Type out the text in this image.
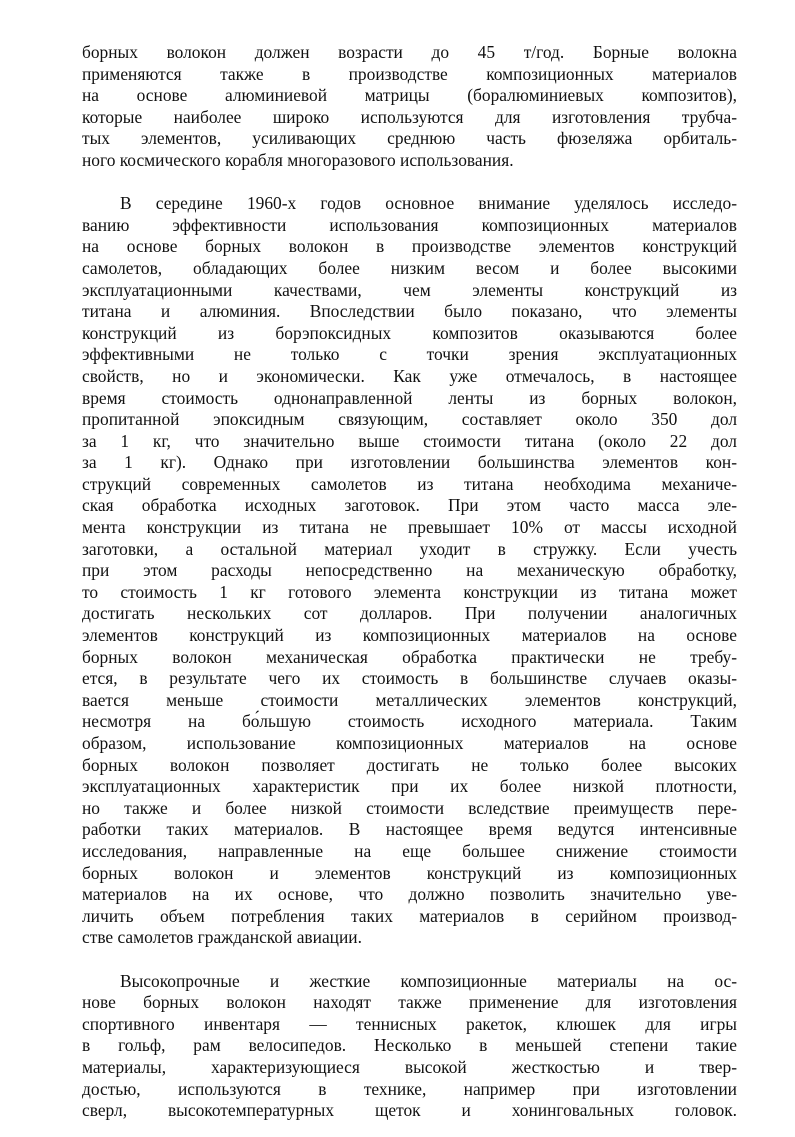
борных волокон должен возрасти до 45 т/год. Борные волокна
применяются также в производстве композиционных материалов
на основе алюминиевой матрицы (боралюминиевых композитов),
которые наиболее широко используются для изготовления трубча-
тых элементов, усиливающих среднюю часть фюзеляжа орбиталь-
ного космического корабля многоразового использования.
В середине 1960-х годов основное внимание уделялось исследо-
ванию эффективности использования композиционных материалов
на основе борных волокон в производстве элементов конструкций
самолетов, обладающих более низким весом и более высокими
эксплуатационными качествами, чем элементы конструкций из
титана и алюминия. Впоследствии было показано, что элементы
конструкций из борэпоксидных композитов оказываются более
эффективными не только с точки зрения эксплуатационных
свойств, но и экономически. Как уже отмечалось, в настоящее
время стоимость однонаправленной ленты из борных волокон,
пропитанной эпоксидным связующим, составляет около 350 дол
за 1 кг, что значительно выше стоимости титана (около 22 дол
за 1 кг). Однако при изготовлении большинства элементов кон-
струкций современных самолетов из титана необходима механиче-
ская обработка исходных заготовок. При этом часто масса эле-
мента конструкции из титана не превышает 10% от массы исходной
заготовки, а остальной материал уходит в стружку. Если учесть
при этом расходы непосредственно на механическую обработку,
то стоимость 1 кг готового элемента конструкции из титана может
достигать нескольких сот долларов. При получении аналогичных
элементов конструкций из композиционных материалов на основе
борных волокон механическая обработка практически не требу-
ется, в результате чего их стоимость в большинстве случаев оказы-
вается меньше стоимости металлических элементов конструкций,
несмотря на бо́льшую стоимость исходного материала. Таким
образом, использование композиционных материалов на основе
борных волокон позволяет достигать не только более высоких
эксплуатационных характеристик при их более низкой плотности,
но также и более низкой стоимости вследствие преимуществ пере-
работки таких материалов. В настоящее время ведутся интенсивные
исследования, направленные на еще большее снижение стоимости
борных волокон и элементов конструкций из композиционных
материалов на их основе, что должно позволить значительно уве-
личить объем потребления таких материалов в серийном производ-
стве самолетов гражданской авиации.
Высокопрочные и жесткие композиционные материалы на ос-
нове борных волокон находят также применение для изготовления
спортивного инвентаря — теннисных ракеток, клюшек для игры
в гольф, рам велосипедов. Несколько в меньшей степени такие
материалы, характеризующиеся высокой жесткостью и твер-
достью, используются в технике, например при изготовлении
сверл, высокотемпературных щеток и хонинговальных головок.
